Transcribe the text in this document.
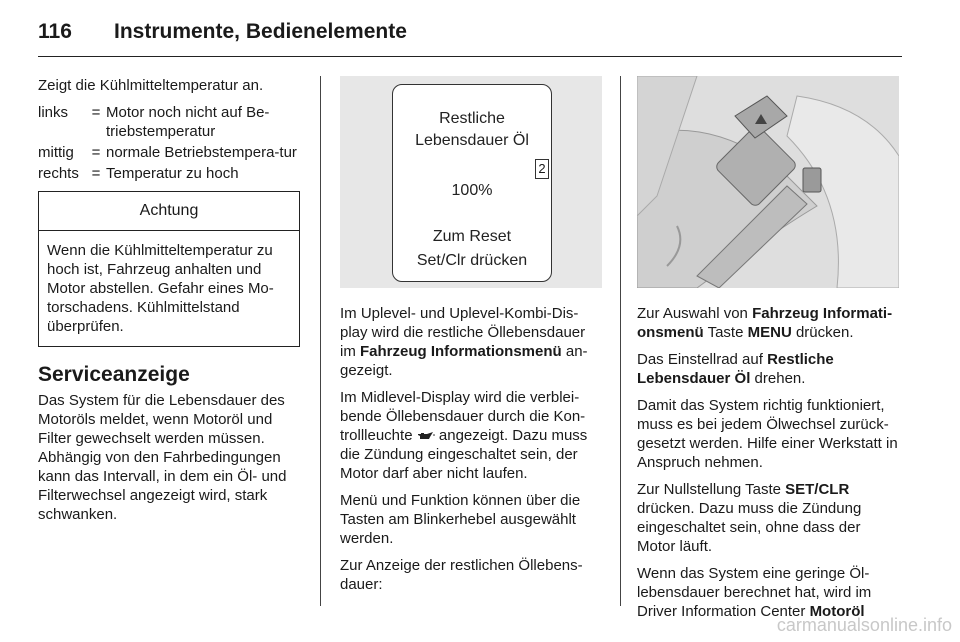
116 Instrumente, Bedienelemente

Zeigt die Kühlmitteltemperatur an.

links	= Motor noch nicht auf Be-triebstemperatur
mittig	= normale Betriebstempera-tur
rechts = Temperatur zu hoch
Achtung
Wenn die Kühlmitteltemperatur zu hoch ist, Fahrzeug anhalten und Motor abstellen. Gefahr eines Mo-torschadens. Kühlmittelstand überprüfen.
Serviceanzeige

Das System für die Lebensdauer des Motoröls meldet, wenn Motoröl und Filter gewechselt werden müssen. Abhängig von den Fahrbedingungen kann das Intervall, in dem ein Öl- und Filterwechsel angezeigt wird, stark schwanken.

Restliche
Lebensdauer Öl
2
100%
Zum Reset
Set/Clr drücken

Im Uplevel- und Uplevel-Kombi-Dis-play wird die restliche Öllebensdauer im Fahrzeug Informationsmenü an-gezeigt.

Im Midlevel-Display wird die verblei-bende Öllebensdauer durch die Kon-trollleuchte  angezeigt. Dazu muss die Zündung eingeschaltet sein, der Motor darf aber nicht laufen.

Menü und Funktion können über die Tasten am Blinkerhebel ausgewählt werden.

Zur Anzeige der restlichen Öllebens-dauer:

Zur Auswahl von Fahrzeug Informati-onsmenü Taste MENU drücken.

Das Einstellrad auf Restliche Lebensdauer Öl drehen.

Damit das System richtig funktioniert, muss es bei jedem Ölwechsel zurück-gesetzt werden. Hilfe einer Werkstatt in Anspruch nehmen.

Zur Nullstellung Taste SET/CLR drücken. Dazu muss die Zündung eingeschaltet sein, ohne dass der Motor läuft.

Wenn das System eine geringe Öl-lebensdauer berechnet hat, wird im Driver Information Center Motoröl

carmanualsonline.info
